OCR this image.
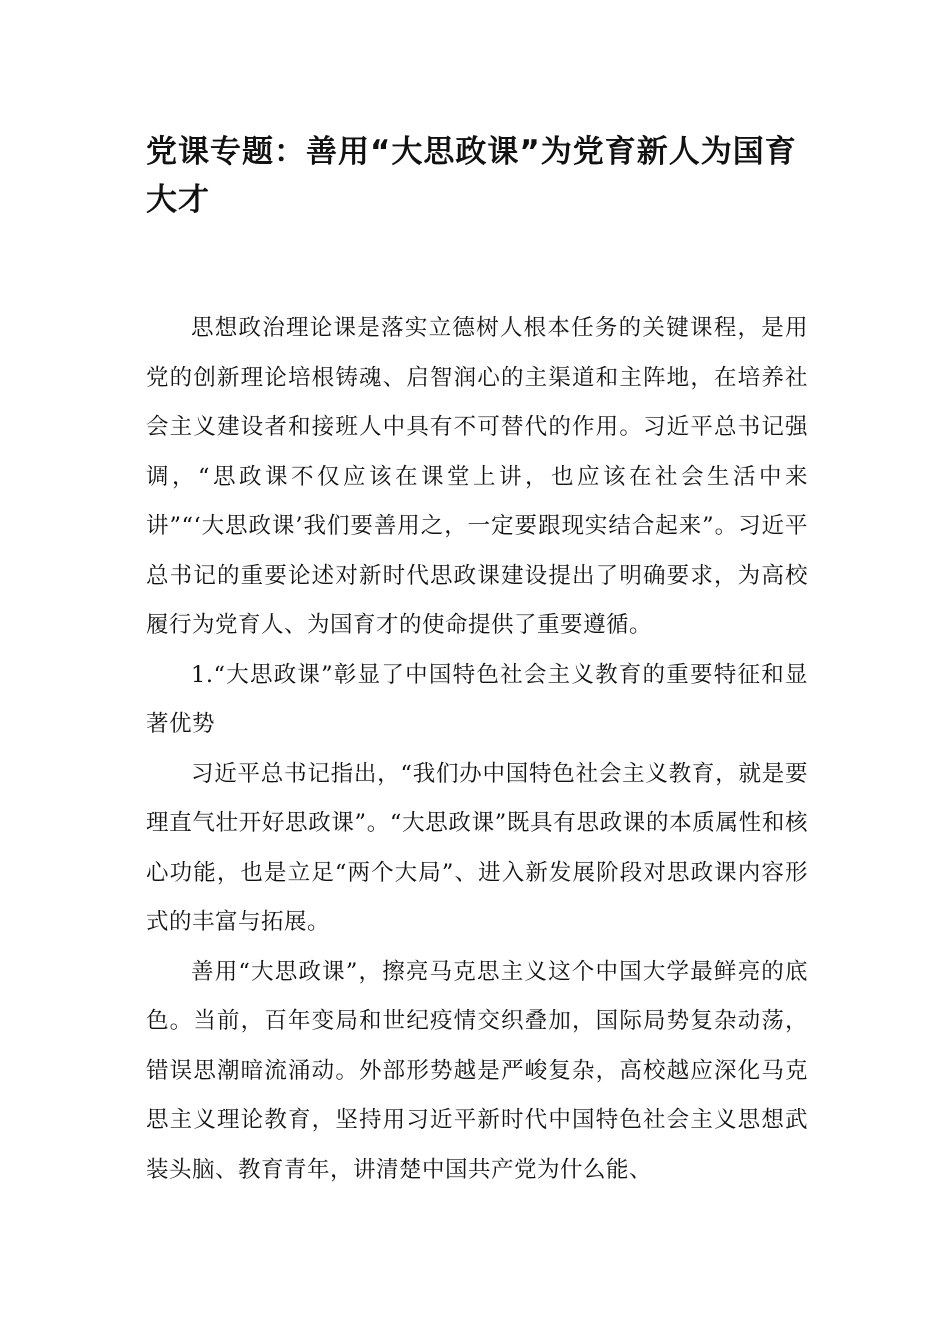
党课专题：善用“大思政课”为党育新人为国育大才

思想政治理论课是落实立德树人根本任务的关键课程，是用党的创新理论培根铸魂、启智润心的主渠道和主阵地，在培养社会主义建设者和接班人中具有不可替代的作用。习近平总书记强调，“思政课不仅应该在课堂上讲，也应该在社会生活中来讲”“‘大思政课’我们要善用之，一定要跟现实结合起来”。习近平总书记的重要论述对新时代思政课建设提出了明确要求，为高校履行为党育人、为国育才的使命提供了重要遵循。

1.“大思政课”彰显了中国特色社会主义教育的重要特征和显著优势

习近平总书记指出，“我们办中国特色社会主义教育，就是要理直气壮开好思政课”。“大思政课”既具有思政课的本质属性和核心功能，也是立足“两个大局”、进入新发展阶段对思政课内容形式的丰富与拓展。

善用“大思政课”，擦亮马克思主义这个中国大学最鲜亮的底色。当前，百年变局和世纪疫情交织叠加，国际局势复杂动荡，错误思潮暗流涌动。外部形势越是严峻复杂，高校越应深化马克思主义理论教育，坚持用习近平新时代中国特色社会主义思想武装头脑、教育青年，讲清楚中国共产党为什么能、
